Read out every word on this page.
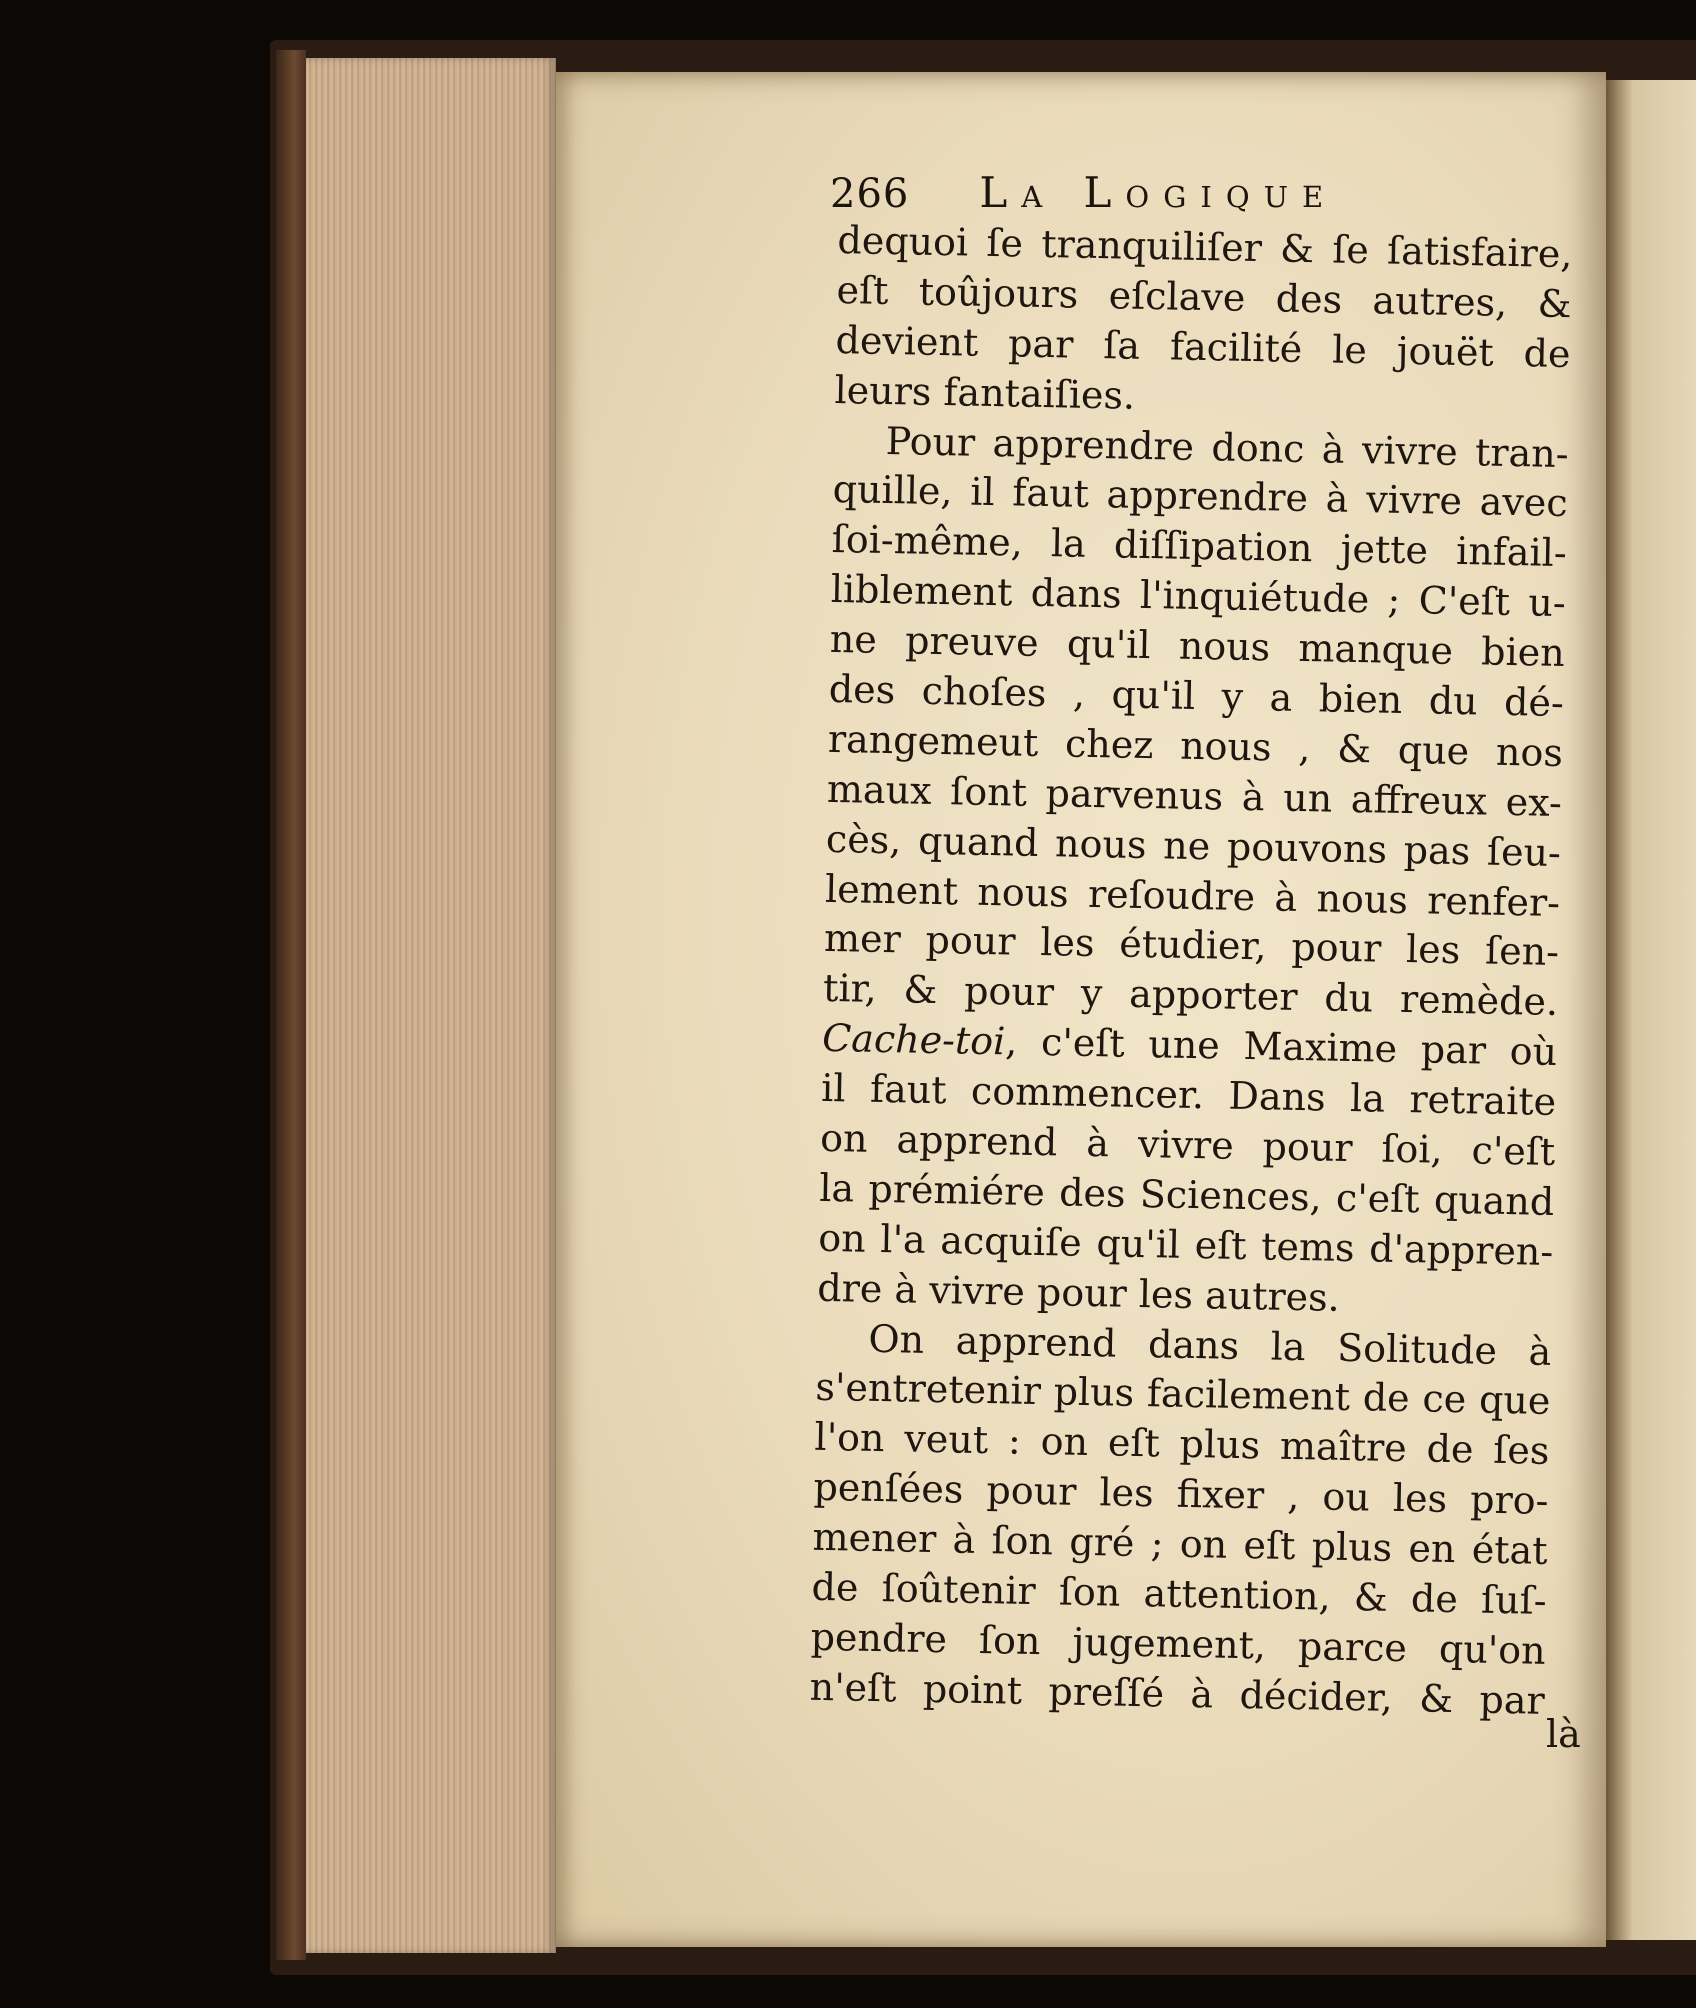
266 La Logique
dequoi ſe tranquiliſer & ſe ſatisfaire,
eſt toûjours eſclave des autres, &
devient par ſa facilité le jouët de
leurs fantaiſies.
Pour apprendre donc à vivre tran-
quille, il faut apprendre à vivre avec
ſoi-même, la diſſipation jette infail-
liblement dans l'inquiétude ; C'eſt u-
ne preuve qu'il nous manque bien
des choſes , qu'il y a bien du dé-
rangemeut chez nous , & que nos
maux ſont parvenus à un affreux ex-
cès, quand nous ne pouvons pas ſeu-
lement nous reſoudre à nous renfer-
mer pour les étudier, pour les ſen-
tir, & pour y apporter du remède.
Cache-toi, c'eſt une Maxime par où
il faut commencer. Dans la retraite
on apprend à vivre pour ſoi, c'eſt
la prémiére des Sciences, c'eſt quand
on l'a acquiſe qu'il eſt tems d'appren-
dre à vivre pour les autres.
On apprend dans la Solitude à
s'entretenir plus facilement de ce que
l'on veut : on eſt plus maître de ſes
penſées pour les fixer , ou les pro-
mener à ſon gré ; on eſt plus en état
de ſoûtenir ſon attention, & de ſuſ-
pendre ſon jugement, parce qu'on
n'eſt point preſſé à décider, & par
là
